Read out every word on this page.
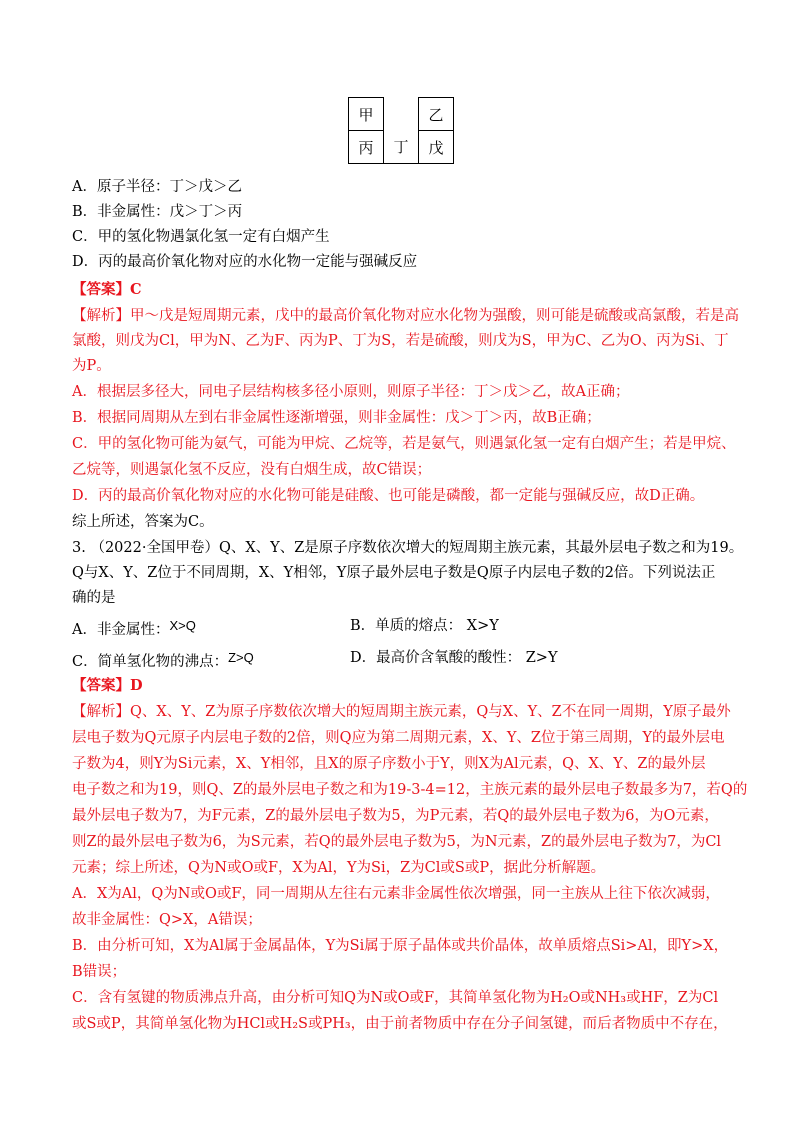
甲		乙
丙	丁	戊
A．原子半径：丁＞戊＞乙
B．非金属性：戊＞丁＞丙
C．甲的氢化物遇氯化氢一定有白烟产生
D．丙的最高价氧化物对应的水化物一定能与强碱反应
【答案】C
【解析】甲～戊是短周期元素，戊中的最高价氧化物对应水化物为强酸，则可能是硫酸或高氯酸，若是高
氯酸，则戊为Cl，甲为N、乙为F、丙为P、丁为S，若是硫酸，则戊为S，甲为C、乙为O、丙为Si、丁
为P。
A．根据层多径大，同电子层结构核多径小原则，则原子半径：丁＞戊＞乙，故A正确；
B．根据同周期从左到右非金属性逐渐增强，则非金属性：戊＞丁＞丙，故B正确；
C．甲的氢化物可能为氨气，可能为甲烷、乙烷等，若是氨气，则遇氯化氢一定有白烟产生；若是甲烷、
乙烷等，则遇氯化氢不反应，没有白烟生成，故C错误；
D．丙的最高价氧化物对应的水化物可能是硅酸、也可能是磷酸，都一定能与强碱反应，故D正确。
综上所述，答案为C。
3. （2022·全国甲卷）Q、X、Y、Z是原子序数依次增大的短周期主族元素，其最外层电子数之和为19。
Q与X、Y、Z位于不同周期，X、Y相邻，Y原子最外层电子数是Q原子内层电子数的2倍。下列说法正
确的是
A．非金属性：X>Q	B．单质的熔点： X>Y
C．简单氢化物的沸点：Z>Q	D．最高价含氧酸的酸性： Z>Y
【答案】D
【解析】Q、X、Y、Z为原子序数依次增大的短周期主族元素，Q与X、Y、Z不在同一周期，Y原子最外
层电子数为Q元原子内层电子数的2倍，则Q应为第二周期元素，X、Y、Z位于第三周期，Y的最外层电
子数为4，则Y为Si元素，X、Y相邻，且X的原子序数小于Y，则X为Al元素，Q、X、Y、Z的最外层
电子数之和为19，则Q、Z的最外层电子数之和为19-3-4=12，主族元素的最外层电子数最多为7，若Q的
最外层电子数为7，为F元素，Z的最外层电子数为5，为P元素，若Q的最外层电子数为6，为O元素，
则Z的最外层电子数为6，为S元素，若Q的最外层电子数为5，为N元素，Z的最外层电子数为7，为Cl
元素；综上所述，Q为N或O或F，X为Al，Y为Si，Z为Cl或S或P，据此分析解题。
A．X为Al，Q为N或O或F，同一周期从左往右元素非金属性依次增强，同一主族从上往下依次减弱，
故非金属性：Q>X，A错误；
B．由分析可知，X为Al属于金属晶体，Y为Si属于原子晶体或共价晶体，故单质熔点Si>Al，即Y>X，
B错误；
C．含有氢键的物质沸点升高，由分析可知Q为N或O或F，其简单氢化物为H₂O或NH₃或HF，Z为Cl
或S或P，其简单氢化物为HCl或H₂S或PH₃，由于前者物质中存在分子间氢键，而后者物质中不存在，
